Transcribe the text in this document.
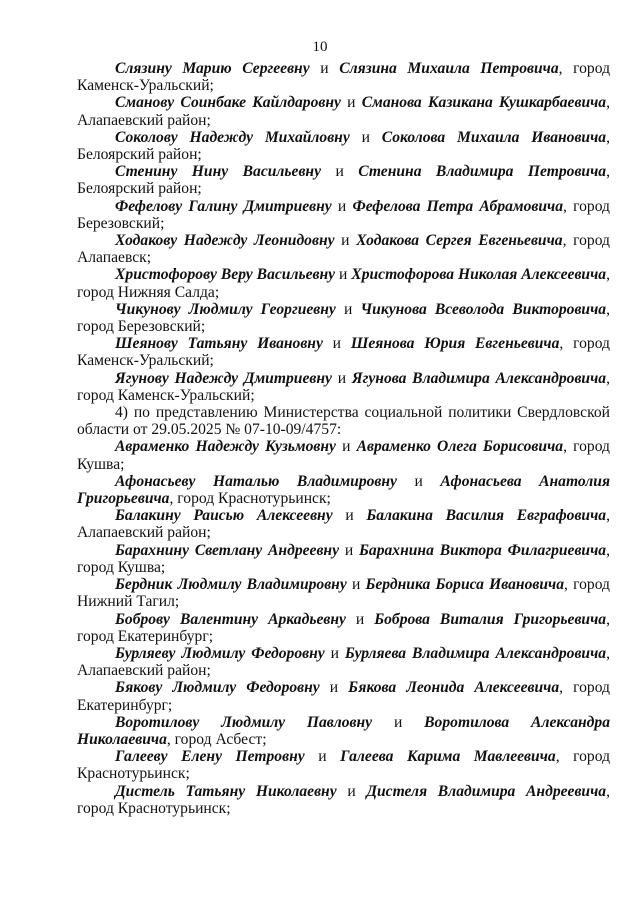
10

Слязину Марию Сергеевну и Слязина Михаила Петровича, город Каменск-Уральский;

Сманову Соинбаке Кайлдаровну и Сманова Казикана Кушкарбаевича, Алапаевский район;

Соколову Надежду Михайловну и Соколова Михаила Ивановича, Белоярский район;

Стенину Нину Васильевну и Стенина Владимира Петровича, Белоярский район;

Фефелову Галину Дмитриевну и Фефелова Петра Абрамовича, город Березовский;

Ходакову Надежду Леонидовну и Ходакова Сергея Евгеньевича, город Алапаевск;

Христофорову Веру Васильевну и Христофорова Николая Алексеевича, город Нижняя Салда;

Чикунову Людмилу Георгиевну и Чикунова Всеволода Викторовича, город Березовский;

Шеянову Татьяну Ивановну и Шеянова Юрия Евгеньевича, город Каменск-Уральский;

Ягунову Надежду Дмитриевну и Ягунова Владимира Александровича, город Каменск-Уральский;

4) по представлению Министерства социальной политики Свердловской области от 29.05.2025 № 07-10-09/4757:

Авраменко Надежду Кузьмовну и Авраменко Олега Борисовича, город Кушва;

Афонасьеву Наталью Владимировну и Афонасьева Анатолия Григорьевича, город Краснотурьинск;

Балакину Раисью Алексеевну и Балакина Василия Евграфовича, Алапаевский район;

Барахнину Светлану Андреевну и Барахнина Виктора Филагриевича, город Кушва;

Бердник Людмилу Владимировну и Бердника Бориса Ивановича, город Нижний Тагил;

Боброву Валентину Аркадьевну и Боброва Виталия Григорьевича, город Екатеринбург;

Бурляеву Людмилу Федоровну и Бурляева Владимира Александровича, Алапаевский район;

Бякову Людмилу Федоровну и Бякова Леонида Алексеевича, город Екатеринбург;

Воротилову Людмилу Павловну и Воротилова Александра Николаевича, город Асбест;

Галееву Елену Петровну и Галеева Карима Мавлеевича, город Краснотурьинск;

Дистель Татьяну Николаевну и Дистеля Владимира Андреевича, город Краснотурьинск;
